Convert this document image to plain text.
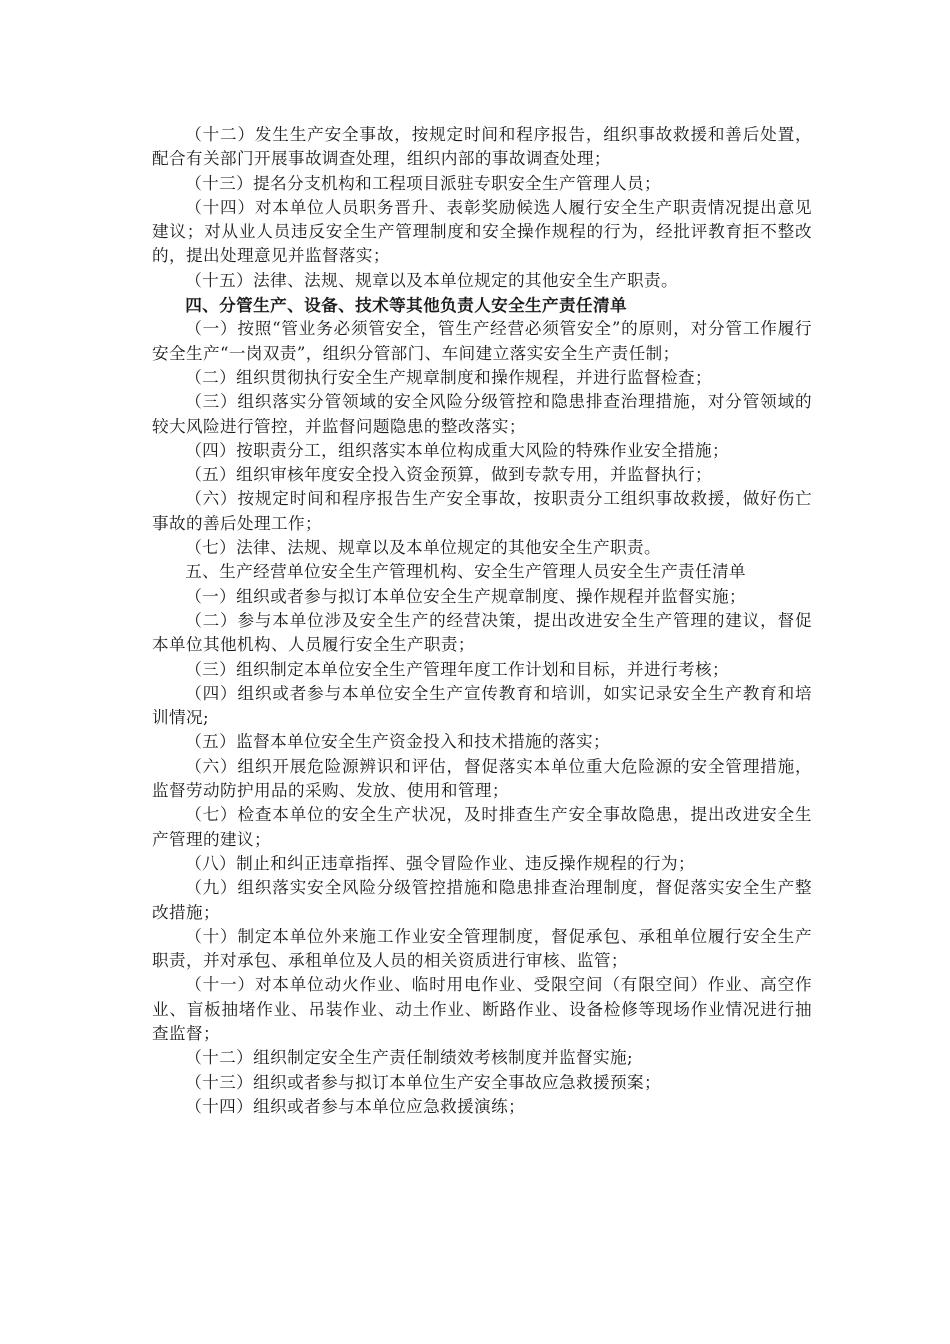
（十二）发生生产安全事故，按规定时间和程序报告，组织事故救援和善后处置，配合有关部门开展事故调查处理，组织内部的事故调查处理；

（十三）提名分支机构和工程项目派驻专职安全生产管理人员；

（十四）对本单位人员职务晋升、表彰奖励候选人履行安全生产职责情况提出意见建议；对从业人员违反安全生产管理制度和安全操作规程的行为，经批评教育拒不整改的，提出处理意见并监督落实；

（十五）法律、法规、规章以及本单位规定的其他安全生产职责。

四、分管生产、设备、技术等其他负责人安全生产责任清单

（一）按照“管业务必须管安全，管生产经营必须管安全”的原则，对分管工作履行安全生产“一岗双责”，组织分管部门、车间建立落实安全生产责任制；

（二）组织贯彻执行安全生产规章制度和操作规程，并进行监督检查；

（三）组织落实分管领域的安全风险分级管控和隐患排查治理措施，对分管领域的较大风险进行管控，并监督问题隐患的整改落实；

（四）按职责分工，组织落实本单位构成重大风险的特殊作业安全措施；

（五）组织审核年度安全投入资金预算，做到专款专用，并监督执行；

（六）按规定时间和程序报告生产安全事故，按职责分工组织事故救援，做好伤亡事故的善后处理工作；

（七）法律、法规、规章以及本单位规定的其他安全生产职责。

五、生产经营单位安全生产管理机构、安全生产管理人员安全生产责任清单

（一）组织或者参与拟订本单位安全生产规章制度、操作规程并监督实施；

（二）参与本单位涉及安全生产的经营决策，提出改进安全生产管理的建议，督促本单位其他机构、人员履行安全生产职责；

（三）组织制定本单位安全生产管理年度工作计划和目标，并进行考核；

（四）组织或者参与本单位安全生产宣传教育和培训，如实记录安全生产教育和培训情况;

（五）监督本单位安全生产资金投入和技术措施的落实；

（六）组织开展危险源辨识和评估，督促落实本单位重大危险源的安全管理措施，监督劳动防护用品的采购、发放、使用和管理；

（七）检查本单位的安全生产状况，及时排查生产安全事故隐患，提出改进安全生产管理的建议；

（八）制止和纠正违章指挥、强令冒险作业、违反操作规程的行为；

（九）组织落实安全风险分级管控措施和隐患排查治理制度，督促落实安全生产整改措施；

（十）制定本单位外来施工作业安全管理制度，督促承包、承租单位履行安全生产职责，并对承包、承租单位及人员的相关资质进行审核、监管；

（十一）对本单位动火作业、临时用电作业、受限空间（有限空间）作业、高空作业、盲板抽堵作业、吊装作业、动土作业、断路作业、设备检修等现场作业情况进行抽查监督；

（十二）组织制定安全生产责任制绩效考核制度并监督实施;

（十三）组织或者参与拟订本单位生产安全事故应急救援预案；

（十四）组织或者参与本单位应急救援演练；
